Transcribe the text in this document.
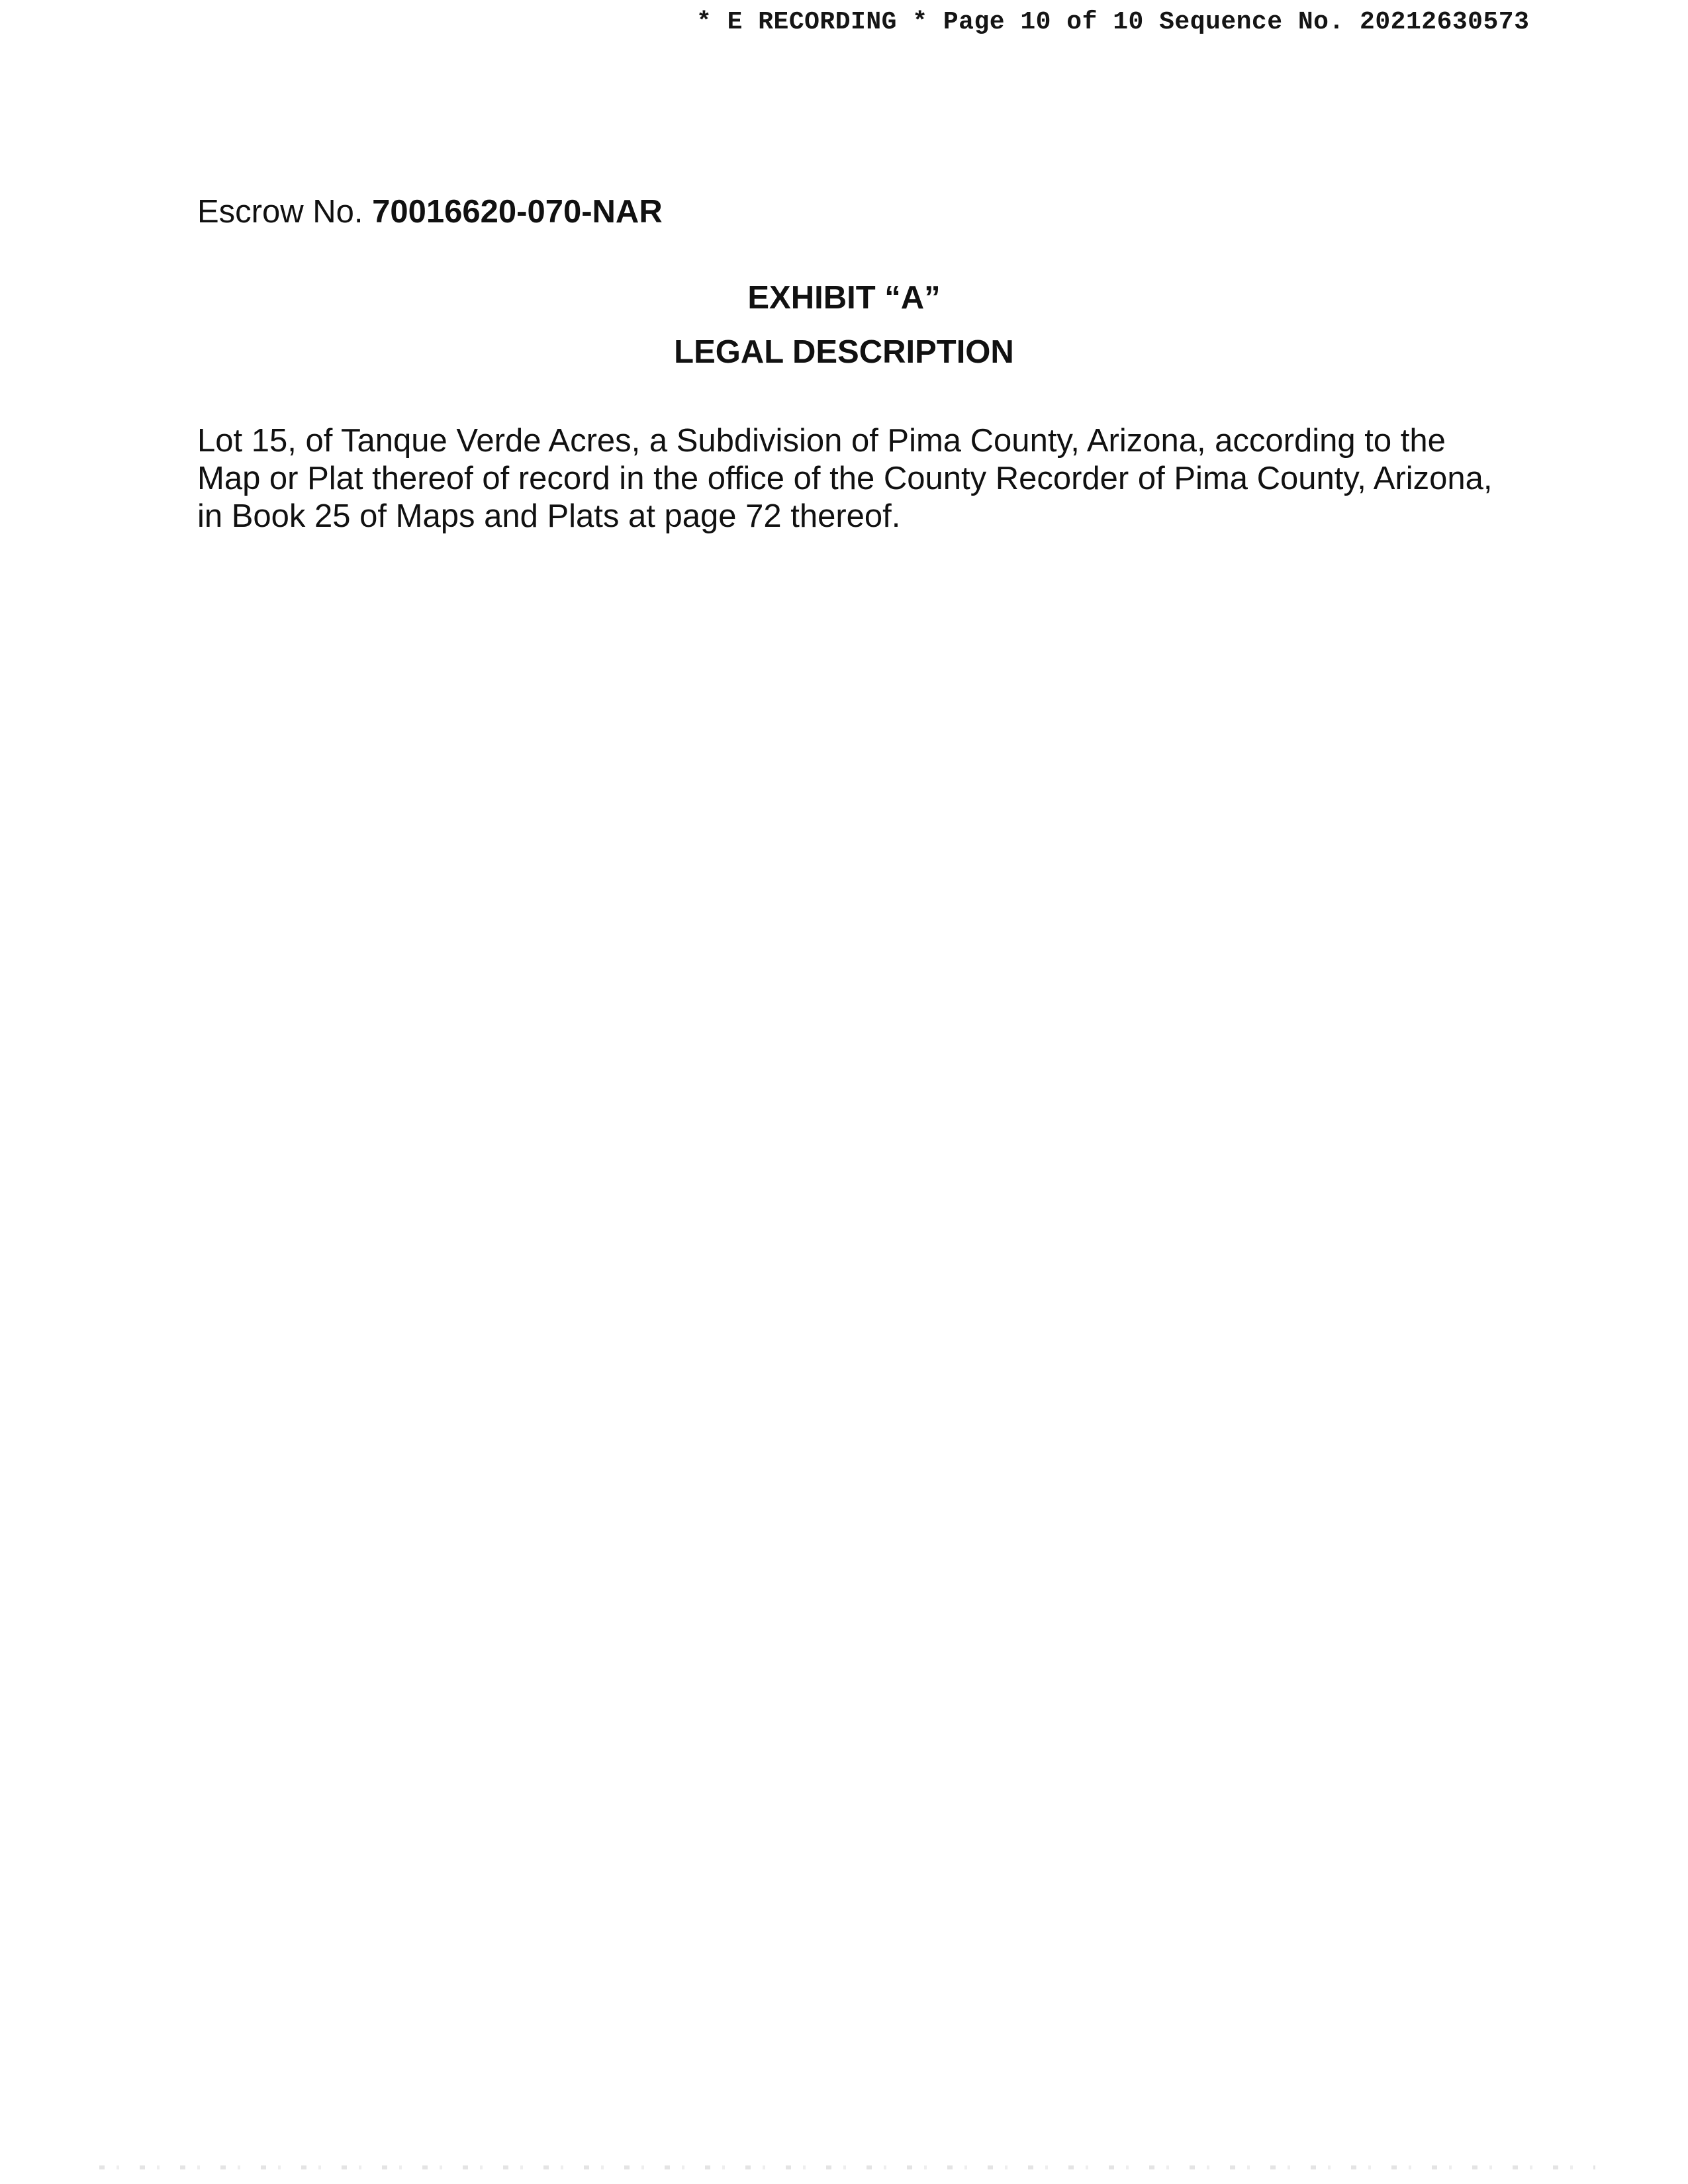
* E RECORDING * Page 10 of 10 Sequence No. 20212630573
Escrow No. 70016620-070-NAR
EXHIBIT “A”
LEGAL DESCRIPTION
Lot 15, of Tanque Verde Acres, a Subdivision of Pima County, Arizona, according to the
Map or Plat thereof of record in the office of the County Recorder of Pima County, Arizona,
in Book 25 of Maps and Plats at page 72 thereof.
